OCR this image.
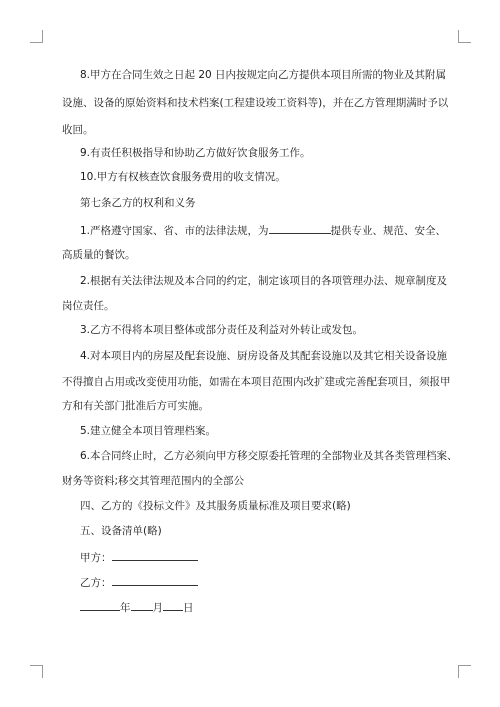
8.甲方在合同生效之日起 20 日内按规定向乙方提供本项目所需的物业及其附属
设施、设备的原始资料和技术档案(工程建设竣工资料等)，并在乙方管理期满时予以
收回。
9.有责任积极指导和协助乙方做好饮食服务工作。
10.甲方有权核查饮食服务费用的收支情况。
第七条乙方的权利和义务
1.严格遵守国家、省、市的法律法规，为	提供专业、规范、安全、
高质量的餐饮。
2.根据有关法律法规及本合同的约定，制定该项目的各项管理办法、规章制度及
岗位责任。
3.乙方不得将本项目整体或部分责任及利益对外转让或发包。
4.对本项目内的房屋及配套设施、厨房设备及其配套设施以及其它相关设备设施
不得擅自占用或改变使用功能，如需在本项目范围内改扩建或完善配套项目，须报甲
方和有关部门批准后方可实施。
5.建立健全本项目管理档案。
6.本合同终止时，乙方必须向甲方移交原委托管理的全部物业及其各类管理档案、
财务等资料;移交其管理范围内的全部公
四、乙方的《投标文件》及其服务质量标准及项目要求(略)
五、设备清单(略)
甲方：
乙方：
年 月 日
